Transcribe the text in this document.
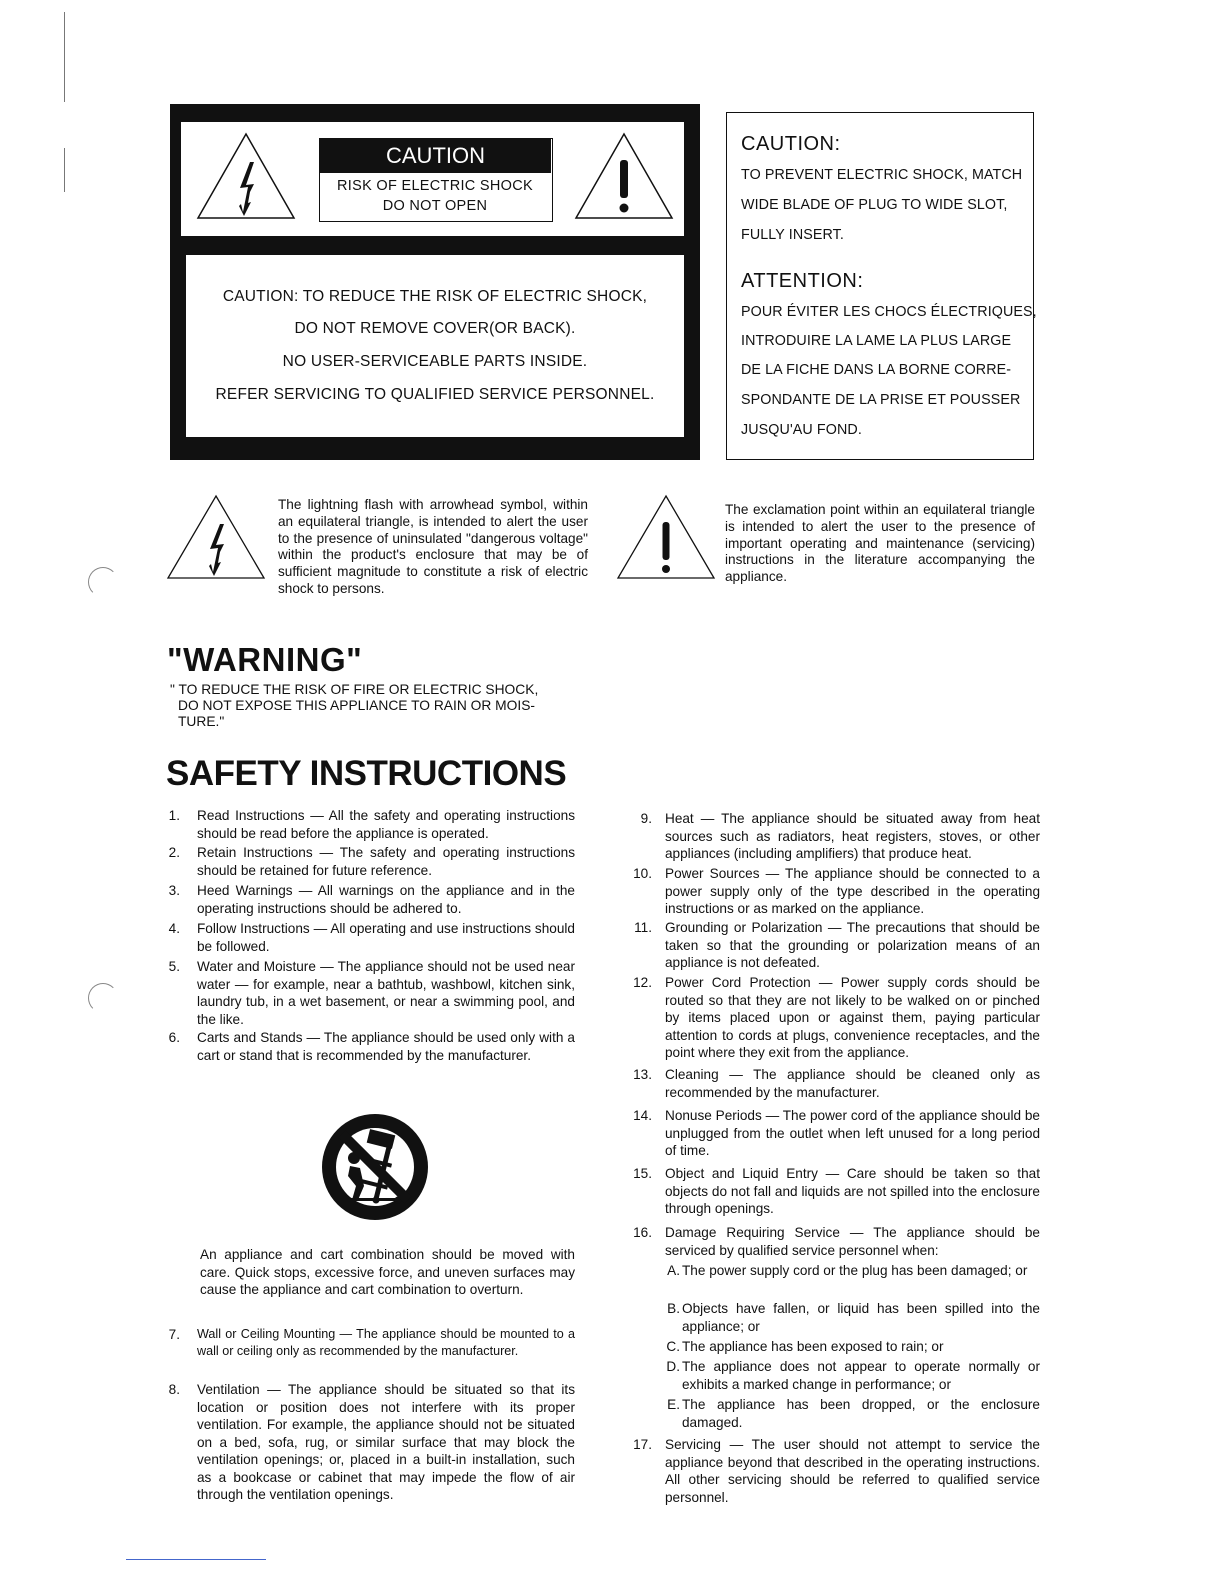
CAUTION
RISK OF ELECTRIC SHOCK
DO NOT OPEN
CAUTION: TO REDUCE THE RISK OF ELECTRIC SHOCK,
DO NOT REMOVE COVER(OR BACK).
NO USER-SERVICEABLE PARTS INSIDE.
REFER SERVICING TO QUALIFIED SERVICE PERSONNEL.
CAUTION:
TO PREVENT ELECTRIC SHOCK, MATCH
WIDE BLADE OF PLUG TO WIDE SLOT,
FULLY INSERT.
ATTENTION:
POUR ÉVITER LES CHOCS ÉLECTRIQUES,
INTRODUIRE LA LAME LA PLUS LARGE
DE LA FICHE DANS LA BORNE CORRE-
SPONDANTE DE LA PRISE ET POUSSER
JUSQU'AU FOND.
The lightning flash with arrowhead symbol, within an equilateral triangle, is intended to alert the user to the presence of uninsulated "dangerous voltage" within the product's enclosure that may be of sufficient magnitude to constitute a risk of electric shock to persons.
The exclamation point within an equilateral triangle is intended to alert the user to the presence of important operating and maintenance (servicing) instructions in the literature accompanying the appliance.
"WARNING"
" TO REDUCE THE RISK OF FIRE OR ELECTRIC SHOCK,
DO NOT EXPOSE THIS APPLIANCE TO RAIN OR MOIS-
TURE."
SAFETY INSTRUCTIONS
1. Read Instructions — All the safety and operating instructions should be read before the appliance is operated.
2. Retain Instructions — The safety and operating instructions should be retained for future reference.
3. Heed Warnings — All warnings on the appliance and in the operating instructions should be adhered to.
4. Follow Instructions — All operating and use instructions should be followed.
5. Water and Moisture — The appliance should not be used near water — for example, near a bathtub, washbowl, kitchen sink, laundry tub, in a wet basement, or near a swimming pool, and the like.
6. Carts and Stands — The appliance should be used only with a cart or stand that is recommended by the manufacturer.
An appliance and cart combination should be moved with care. Quick stops, excessive force, and uneven surfaces may cause the appliance and cart combination to overturn.
7. Wall or Ceiling Mounting — The appliance should be mounted to a wall or ceiling only as recommended by the manufacturer.
8. Ventilation — The appliance should be situated so that its location or position does not interfere with its proper ventilation. For example, the appliance should not be situated on a bed, sofa, rug, or similar surface that may block the ventilation openings; or, placed in a built-in installation, such as a bookcase or cabinet that may impede the flow of air through the ventilation openings.
9. Heat — The appliance should be situated away from heat sources such as radiators, heat registers, stoves, or other appliances (including amplifiers) that produce heat.
10. Power Sources — The appliance should be connected to a power supply only of the type described in the operating instructions or as marked on the appliance.
11. Grounding or Polarization — The precautions that should be taken so that the grounding or polarization means of an appliance is not defeated.
12. Power Cord Protection — Power supply cords should be routed so that they are not likely to be walked on or pinched by items placed upon or against them, paying particular attention to cords at plugs, convenience receptacles, and the point where they exit from the appliance.
13. Cleaning — The appliance should be cleaned only as recommended by the manufacturer.
14. Nonuse Periods — The power cord of the appliance should be unplugged from the outlet when left unused for a long period of time.
15. Object and Liquid Entry — Care should be taken so that objects do not fall and liquids are not spilled into the enclosure through openings.
16. Damage Requiring Service — The appliance should be serviced by qualified service personnel when:
A. The power supply cord or the plug has been damaged; or
B. Objects have fallen, or liquid has been spilled into the appliance; or
C. The appliance has been exposed to rain; or
D. The appliance does not appear to operate normally or exhibits a marked change in performance; or
E. The appliance has been dropped, or the enclosure damaged.
17. Servicing — The user should not attempt to service the appliance beyond that described in the operating instructions. All other servicing should be referred to qualified service personnel.
